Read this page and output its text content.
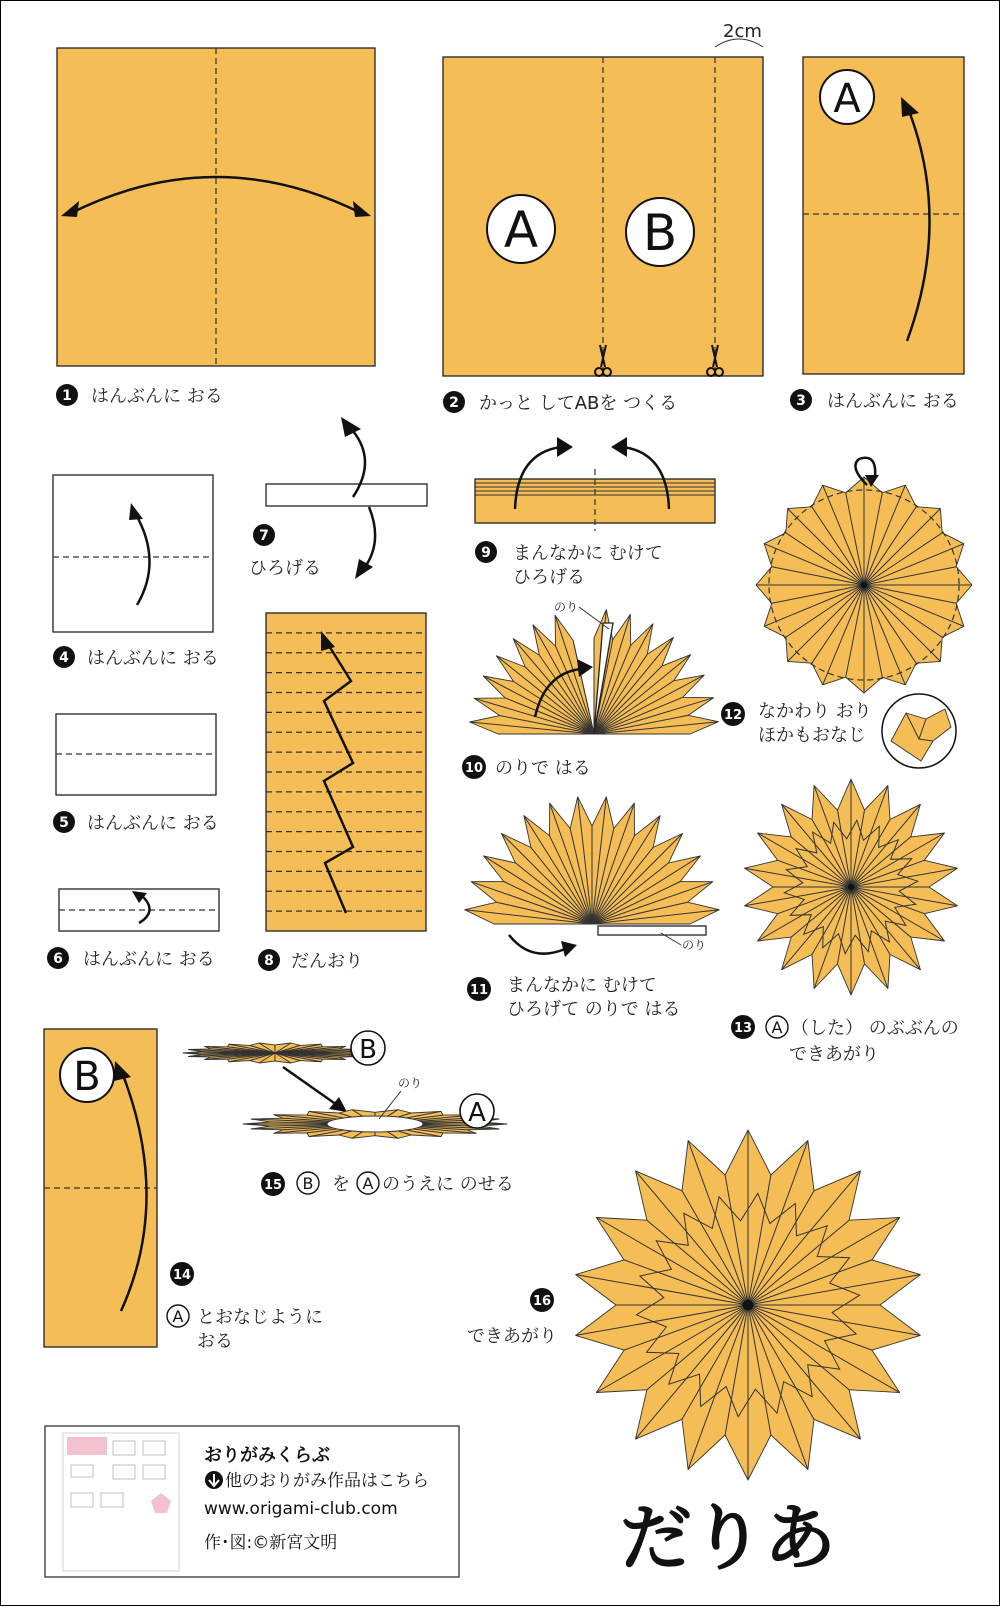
1 はんぶんに おる
2cm
A B
2 かっと してABを つくる
A
3 はんぶんに おる
4 はんぶんに おる
5 はんぶんに おる
6 はんぶんに おる
7
ひろげる
8 だんおり
9 まんなかに むけて
ひろげる
のり
10 のりで はる
のり
11 まんなかに むけて
ひろげて のりで はる
12 なかわり おり
ほかもおなじ
13 A （した） のぶぶんの
できあがり
B
14
A とおなじように
おる
B
のり
A
15 B を A のうえに のせる
16
できあがり
おりがみくらぶ
他のおりがみ作品はこちら
www.origami-club.com
作･図:©新宮文明	だりあ
